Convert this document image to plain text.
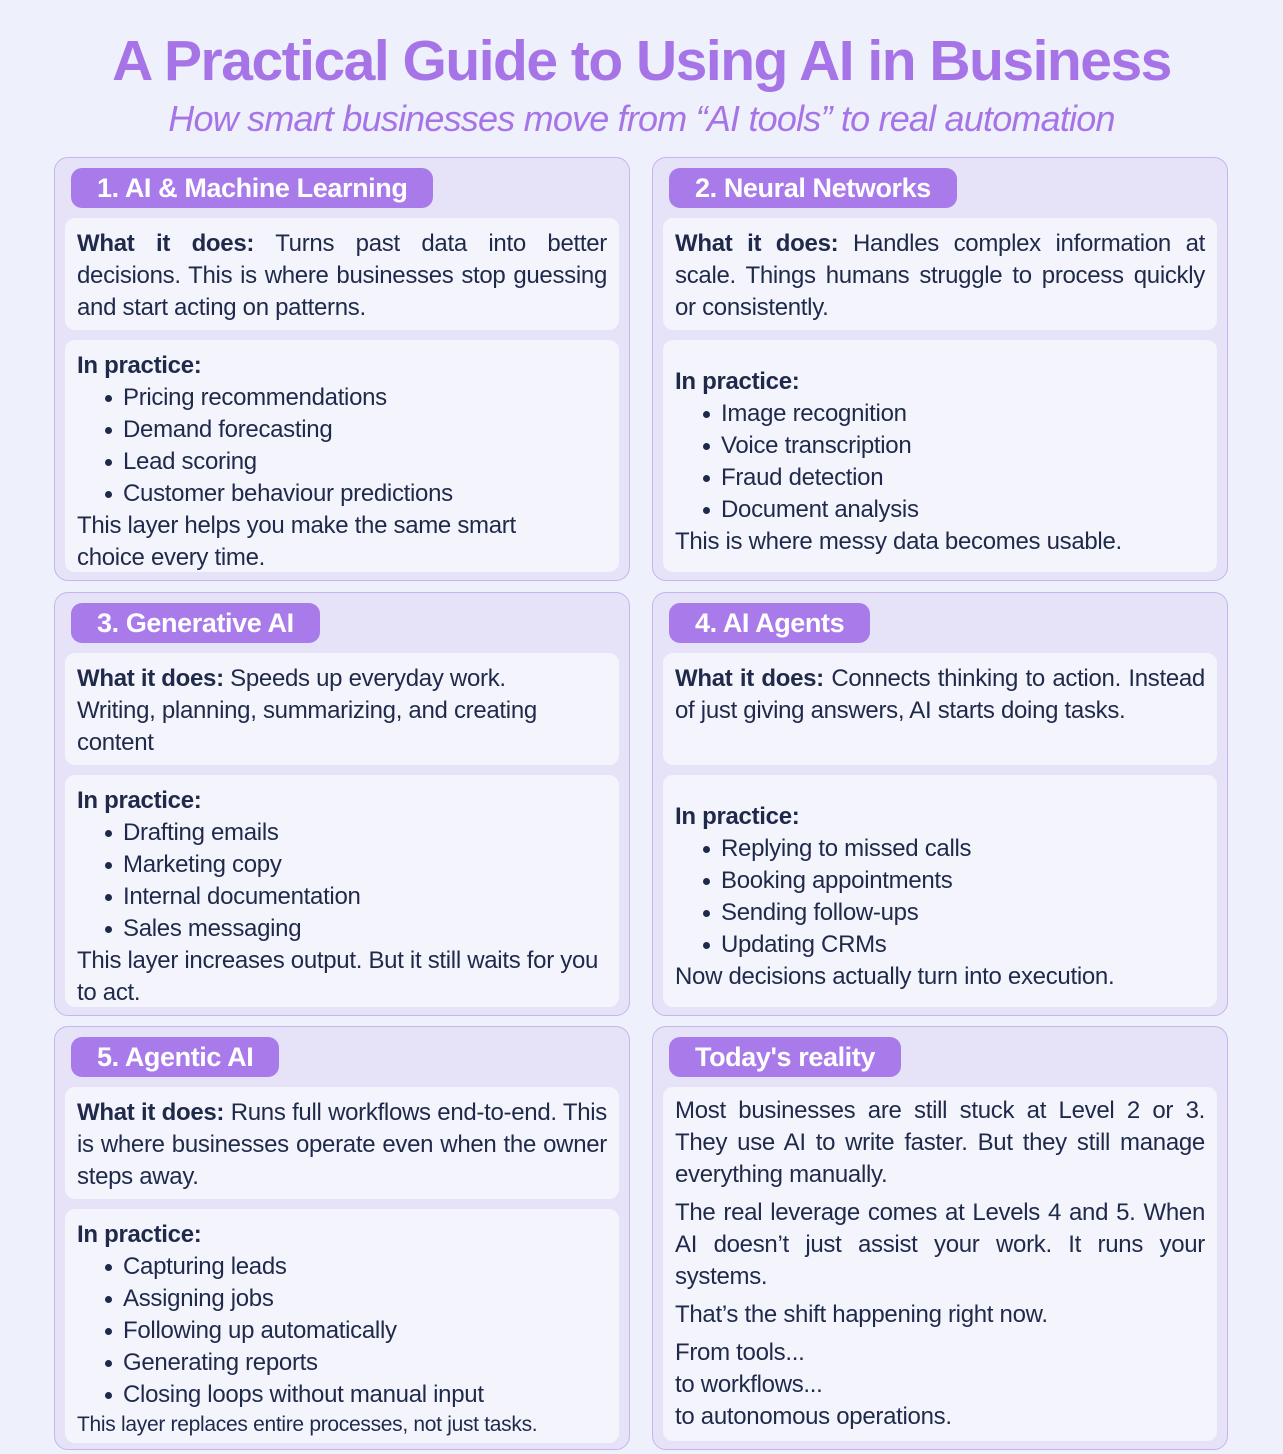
A Practical Guide to Using AI in Business
How smart businesses move from “AI tools” to real automation
1. AI & Machine Learning

What it does: Turns past data into better decisions. This is where businesses stop guessing and start acting on patterns.

In practice:

Pricing recommendations
Demand forecasting
Lead scoring
Customer behaviour predictions

This layer helps you make the same smart choice every time.

2. Neural Networks

What it does: Handles complex information at scale. Things humans struggle to process quickly or consistently.

In practice:

Image recognition
Voice transcription
Fraud detection
Document analysis

This is where messy data becomes usable.

3. Generative AI

What it does: Speeds up everyday work. Writing, planning, summarizing, and creating content

In practice:

Drafting emails
Marketing copy
Internal documentation
Sales messaging

This layer increases output. But it still waits for you to act.

4. AI Agents

What it does: Connects thinking to action. Instead of just giving answers, AI starts doing tasks.

In practice:

Replying to missed calls
Booking appointments
Sending follow-ups
Updating CRMs

Now decisions actually turn into execution.

5. Agentic AI

What it does: Runs full workflows end-to-end. This is where businesses operate even when the owner steps away.

In practice:

Capturing leads
Assigning jobs
Following up automatically
Generating reports
Closing loops without manual input

This layer replaces entire processes, not just tasks.

Today's reality

Most businesses are still stuck at Level 2 or 3. They use AI to write faster. But they still manage everything manually.

The real leverage comes at Levels 4 and 5. When AI doesn’t just assist your work. It runs your systems.

That’s the shift happening right now.

From tools...

to workflows...

to autonomous operations.
